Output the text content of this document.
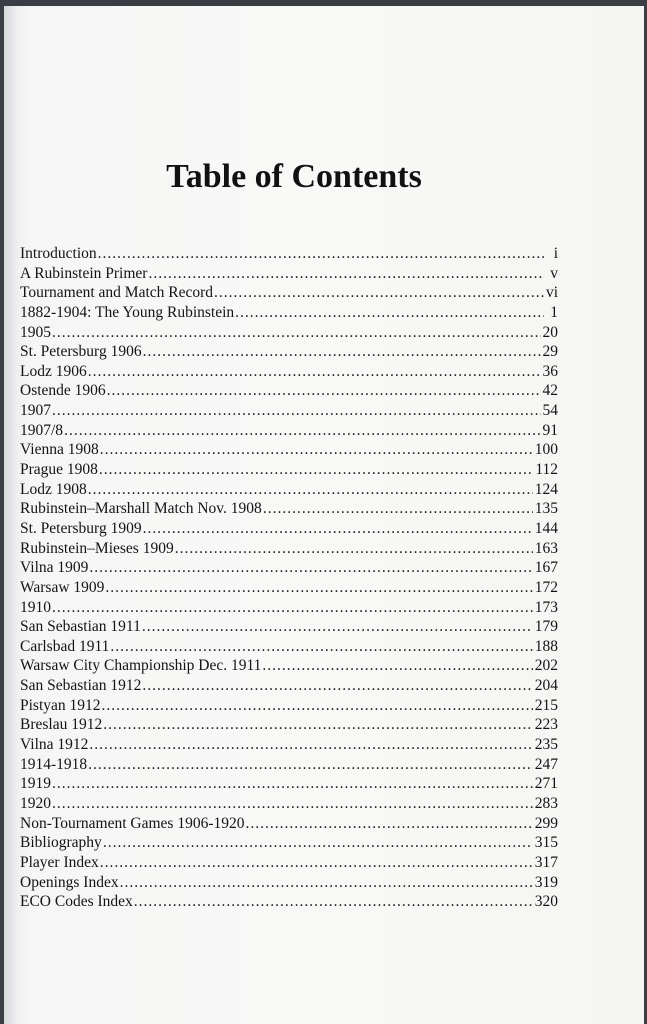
Table of Contents
Introduction .....	i
A Rubinstein Primer .....	v
Tournament and Match Record .....	vi
1882-1904: The Young Rubinstein .....	1
1905 .....	20
St. Petersburg 1906 .....	29
Lodz 1906 .....	36
Ostende 1906 .....	42
1907 .....	54
1907/8 .....	91
Vienna 1908 .....	100
Prague 1908 .....	112
Lodz 1908 .....	124
Rubinstein–Marshall Match Nov. 1908 .....	135
St. Petersburg 1909 .....	144
Rubinstein–Mieses 1909 .....	163
Vilna 1909 .....	167
Warsaw 1909 .....	172
1910 .....	173
San Sebastian 1911 .....	179
Carlsbad 1911 .....	188
Warsaw City Championship Dec. 1911 .....	202
San Sebastian 1912 .....	204
Pistyan 1912 .....	215
Breslau 1912 .....	223
Vilna 1912 .....	235
1914-1918 .....	247
1919 .....	271
1920 .....	283
Non-Tournament Games 1906-1920 .....	299
Bibliography .....	315
Player Index .....	317
Openings Index .....	319
ECO Codes Index .....	320
